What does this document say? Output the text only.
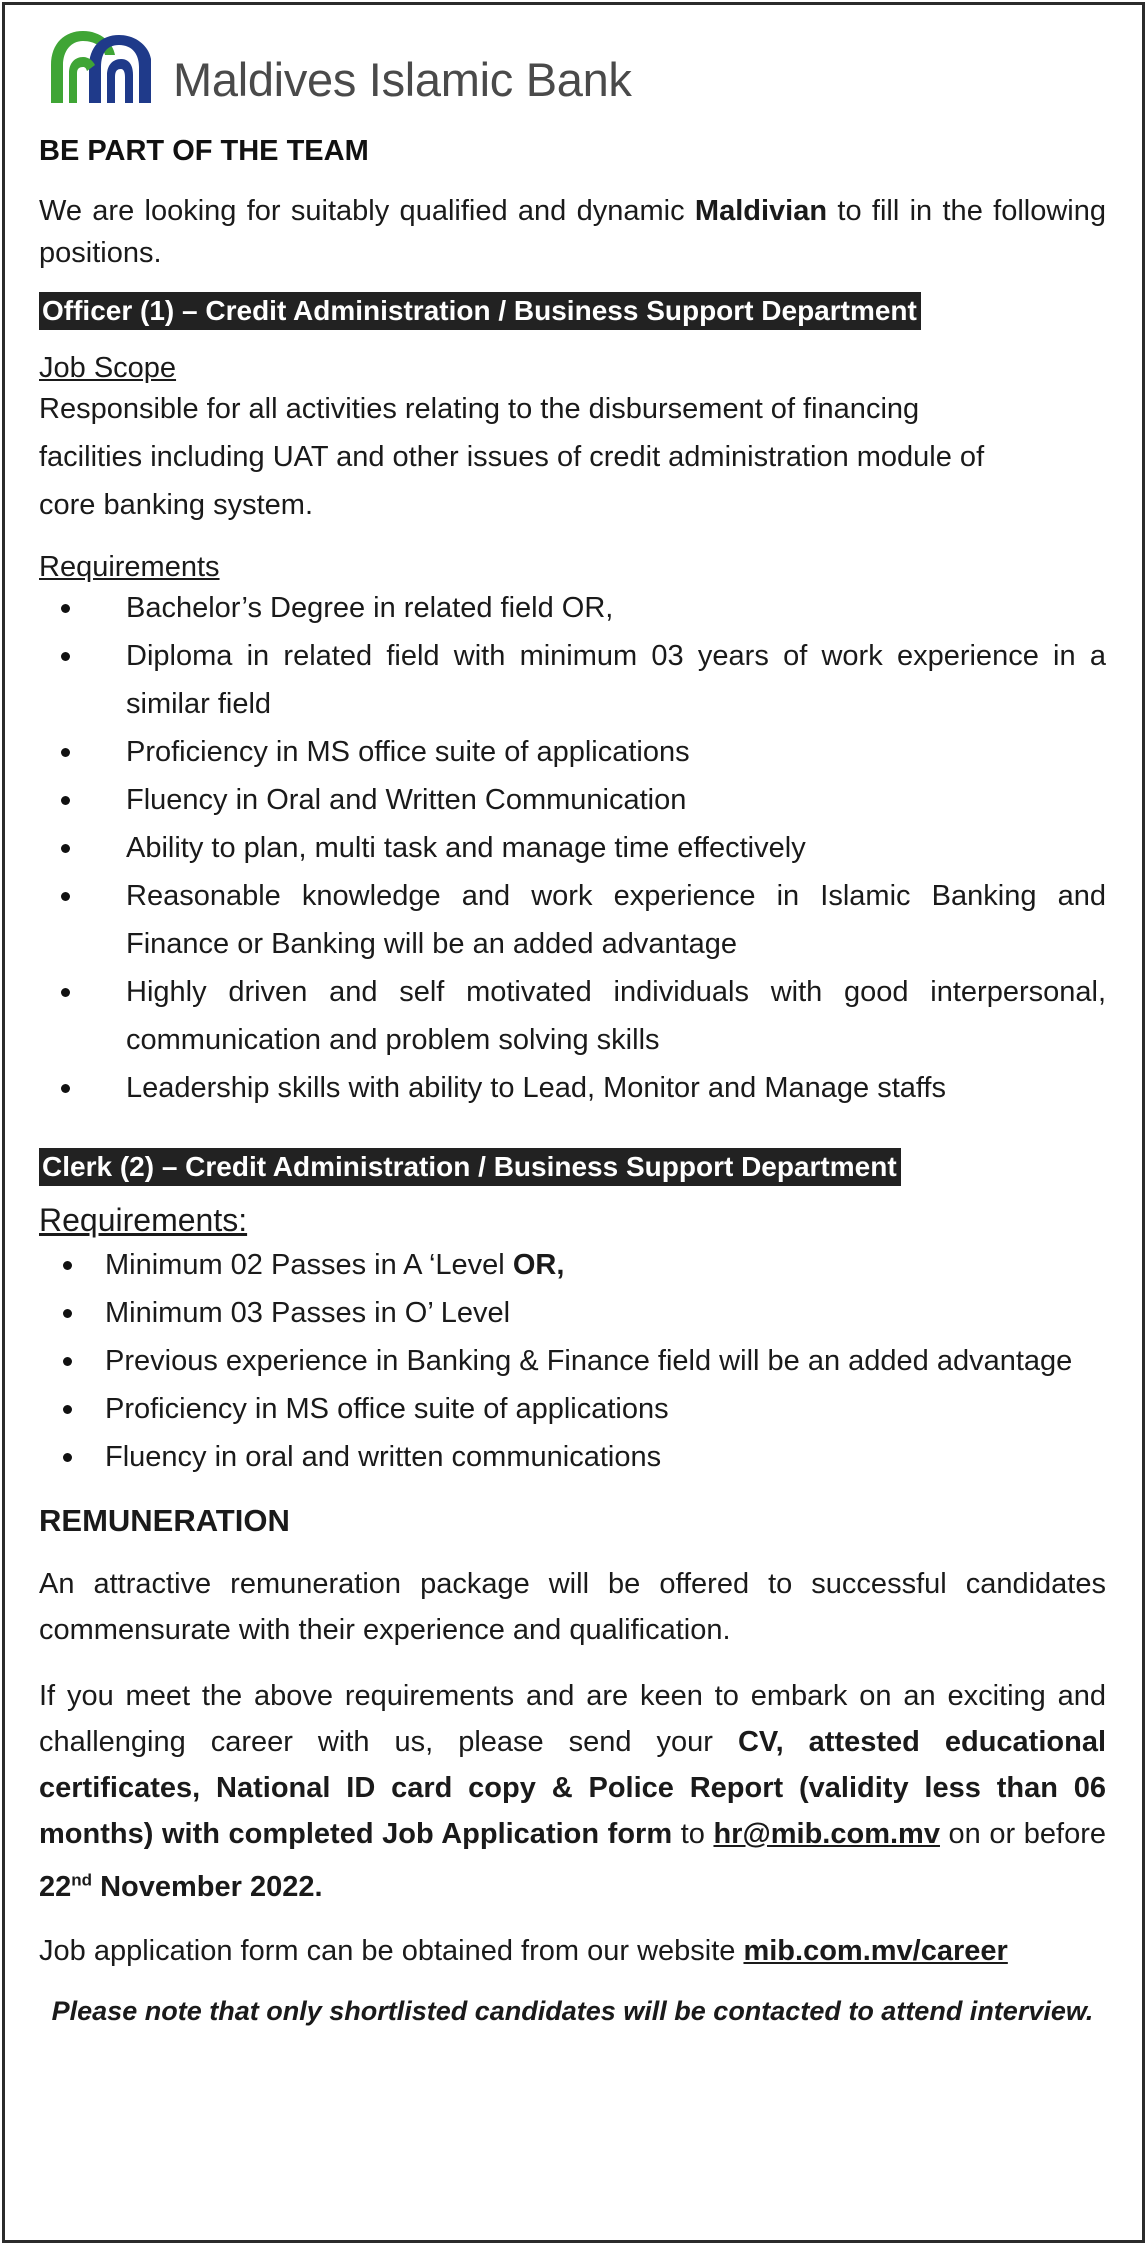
Maldives Islamic Bank
BE PART OF THE TEAM

We are looking for suitably qualified and dynamic Maldivian to fill in the following positions.

Officer (1) – Credit Administration / Business Support Department
Job Scope

Responsible for all activities relating to the disbursement of financing

facilities including UAT and other issues of credit administration module of

core banking system.

Requirements
Bachelor’s Degree in related field OR,
Diploma in related field with minimum 03 years of work experience in a similar field
Proficiency in MS office suite of applications
Fluency in Oral and Written Communication
Ability to plan, multi task and manage time effectively
Reasonable knowledge and work experience in Islamic Banking and Finance or Banking will be an added advantage
Highly driven and self motivated individuals with good interpersonal, communication and problem solving skills
Leadership skills with ability to Lead, Monitor and Manage staffs
Clerk (2) – Credit Administration / Business Support Department
Requirements:
Minimum 02 Passes in A ‘Level OR,
Minimum 03 Passes in O’ Level
Previous experience in Banking & Finance field will be an added advantage
Proficiency in MS office suite of applications
Fluency in oral and written communications
REMUNERATION

An attractive remuneration package will be offered to successful candidates commensurate with their experience and qualification.

If you meet the above requirements and are keen to embark on an exciting and challenging career with us, please send your CV, attested educational certificates, National ID card copy & Police Report (validity less than 06 months) with completed Job Application form to hr@mib.com.mv on or before 22nd November 2022.

Job application form can be obtained from our website mib.com.mv/career

Please note that only shortlisted candidates will be contacted to attend interview.
